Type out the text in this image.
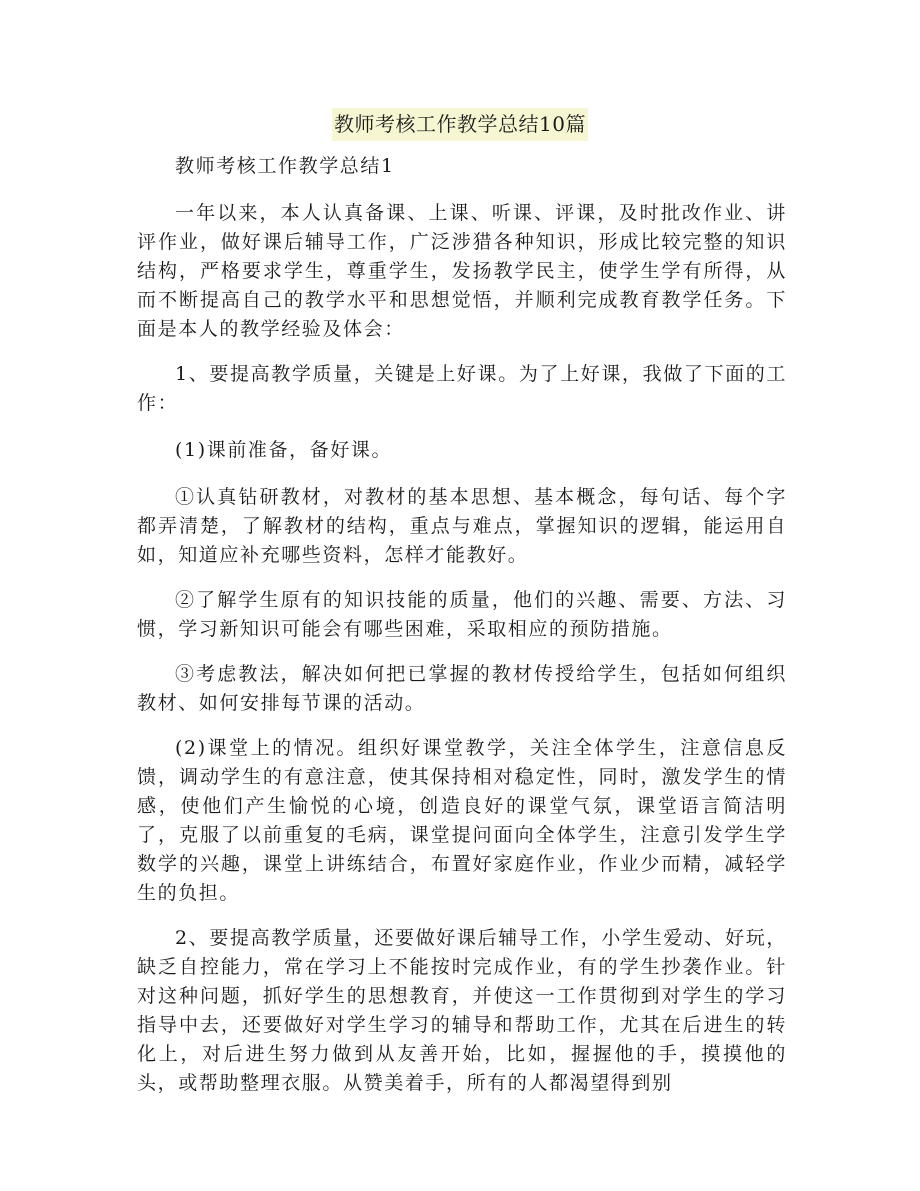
教师考核工作教学总结10篇

教师考核工作教学总结1

一年以来，本人认真备课、上课、听课、评课，及时批改作业、讲评作业，做好课后辅导工作，广泛涉猎各种知识，形成比较完整的知识结构，严格要求学生，尊重学生，发扬教学民主，使学生学有所得，从而不断提高自己的教学水平和思想觉悟，并顺利完成教育教学任务。下面是本人的教学经验及体会：

1、要提高教学质量，关键是上好课。为了上好课，我做了下面的工作：

(1)课前准备，备好课。

①认真钻研教材，对教材的基本思想、基本概念，每句话、每个字都弄清楚，了解教材的结构，重点与难点，掌握知识的逻辑，能运用自如，知道应补充哪些资料，怎样才能教好。

②了解学生原有的知识技能的质量，他们的兴趣、需要、方法、习惯，学习新知识可能会有哪些困难，采取相应的预防措施。

③考虑教法，解决如何把已掌握的教材传授给学生，包括如何组织教材、如何安排每节课的活动。

(2)课堂上的情况。组织好课堂教学，关注全体学生，注意信息反馈，调动学生的有意注意，使其保持相对稳定性，同时，激发学生的情感，使他们产生愉悦的心境，创造良好的课堂气氛，课堂语言简洁明了，克服了以前重复的毛病，课堂提问面向全体学生，注意引发学生学数学的兴趣，课堂上讲练结合，布置好家庭作业，作业少而精，减轻学生的负担。

2、要提高教学质量，还要做好课后辅导工作，小学生爱动、好玩，缺乏自控能力，常在学习上不能按时完成作业，有的学生抄袭作业。针对这种问题，抓好学生的思想教育，并使这一工作贯彻到对学生的学习指导中去，还要做好对学生学习的辅导和帮助工作，尤其在后进生的转化上，对后进生努力做到从友善开始，比如，握握他的手，摸摸他的头，或帮助整理衣服。从赞美着手，所有的人都渴望得到别
